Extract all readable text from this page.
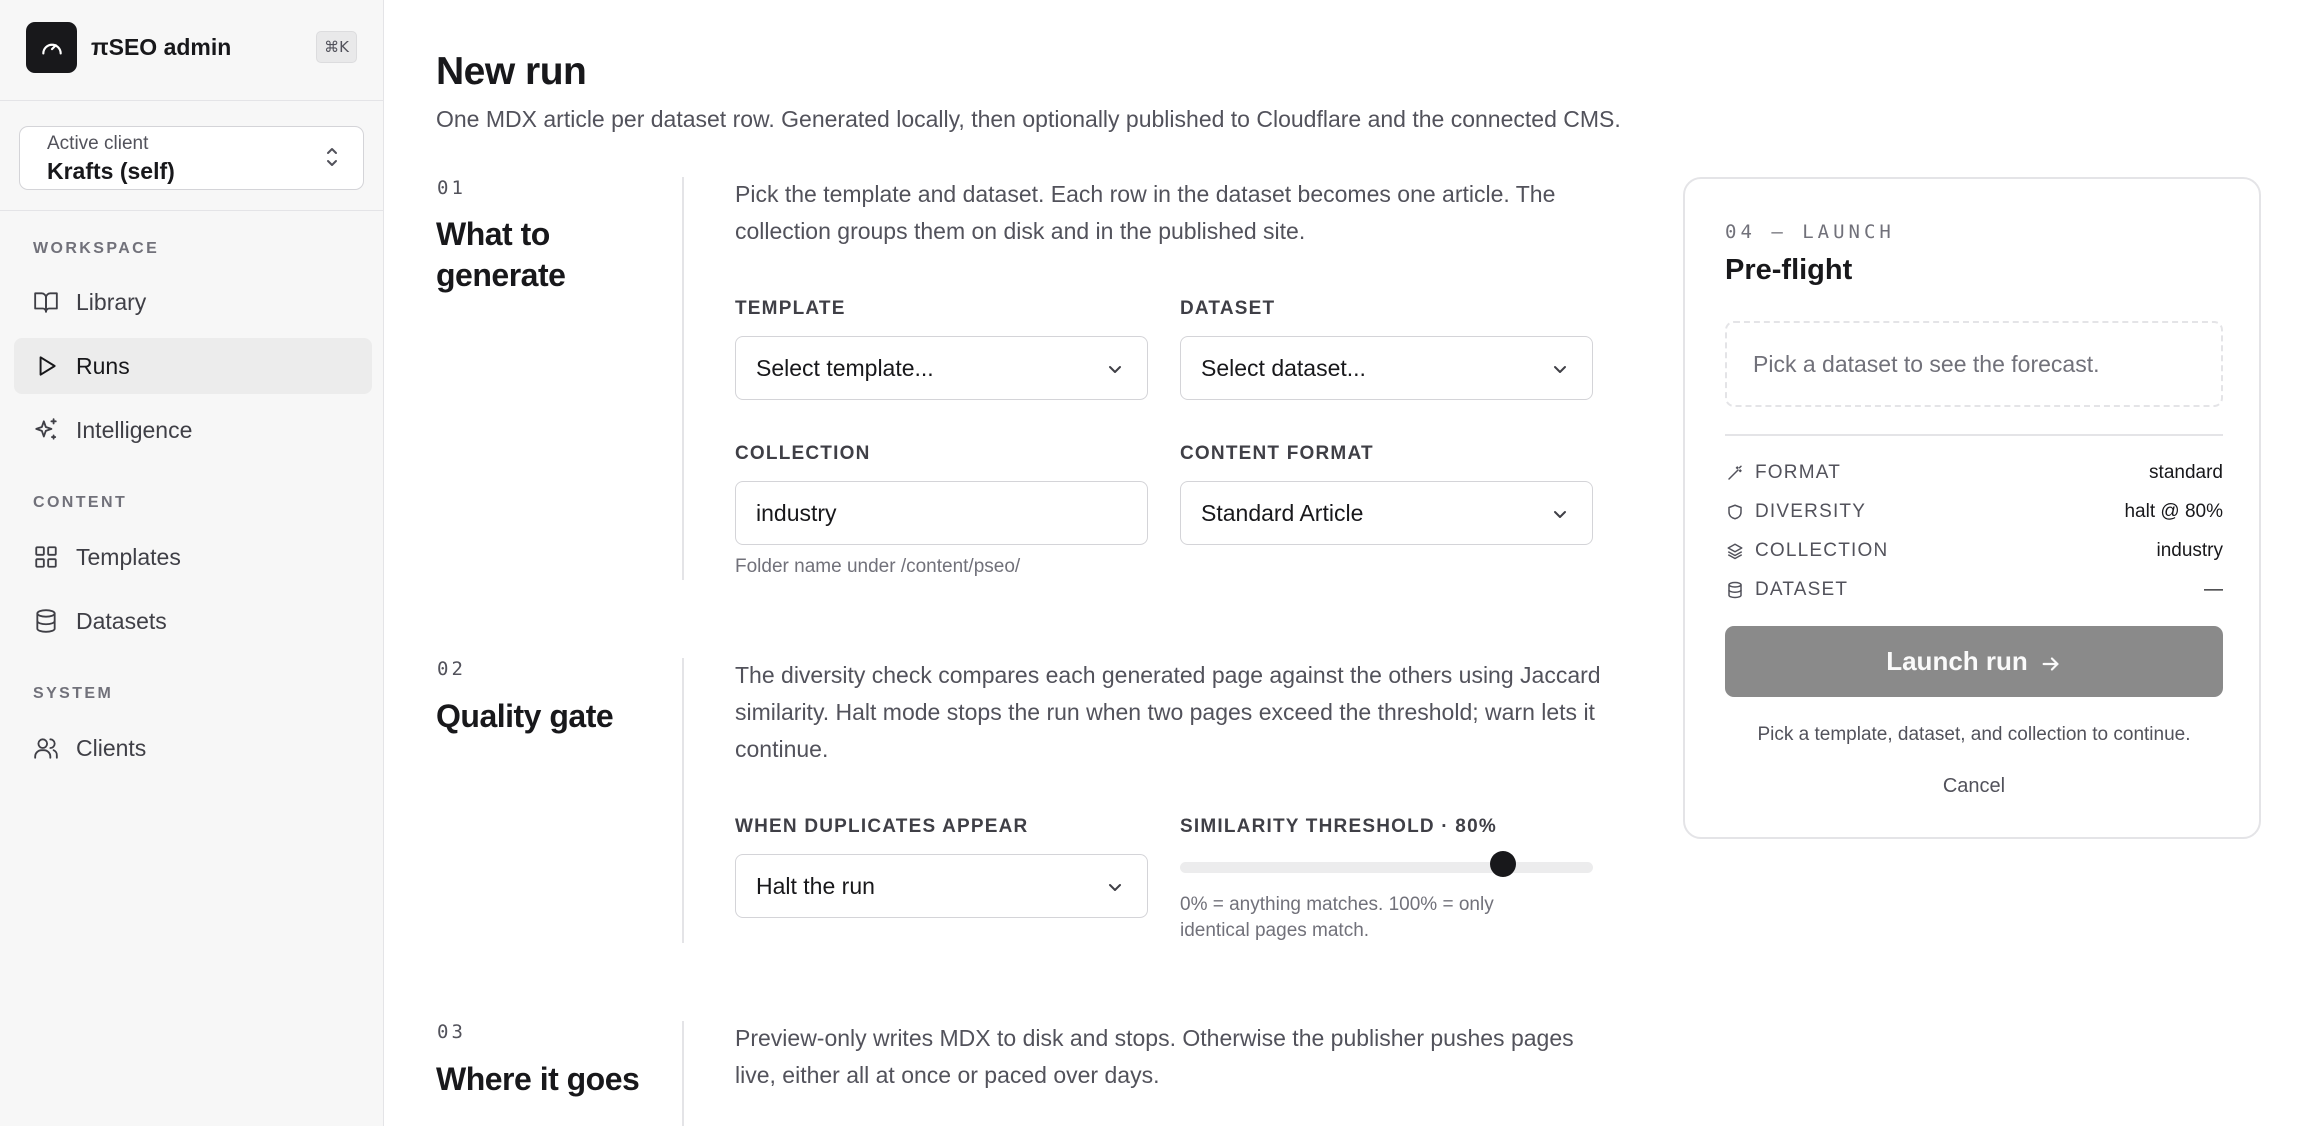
πSEO admin	⌘K
Active client
Krafts (self)
WORKSPACE
Library
Runs
Intelligence
CONTENT
Templates
Datasets
SYSTEM
Clients
New run

One MDX article per dataset row. Generated locally, then optionally published to Cloudflare and the connected CMS.

01
What to generate

Pick the template and dataset. Each row in the dataset becomes one article. The collection groups them on disk and in the published site.

TEMPLATE
Select template...
DATASET
Select dataset...
COLLECTION
industry
Folder name under /content/pseo/
CONTENT FORMAT
Standard Article
02
Quality gate

The diversity check compares each generated page against the others using Jaccard similarity. Halt mode stops the run when two pages exceed the threshold; warn lets it continue.

WHEN DUPLICATES APPEAR
Halt the run
SIMILARITY THRESHOLD · 80%
0% = anything matches. 100% = only identical pages match.
03
Where it goes

Preview-only writes MDX to disk and stops. Otherwise the publisher pushes pages live, either all at once or paced over days.

04 — LAUNCH
Pre-flight
Pick a dataset to see the forecast.
FORMAT	standard
DIVERSITY	halt @ 80%
COLLECTION	industry
DATASET	—
Launch run
Pick a template, dataset, and collection to continue.
Cancel
